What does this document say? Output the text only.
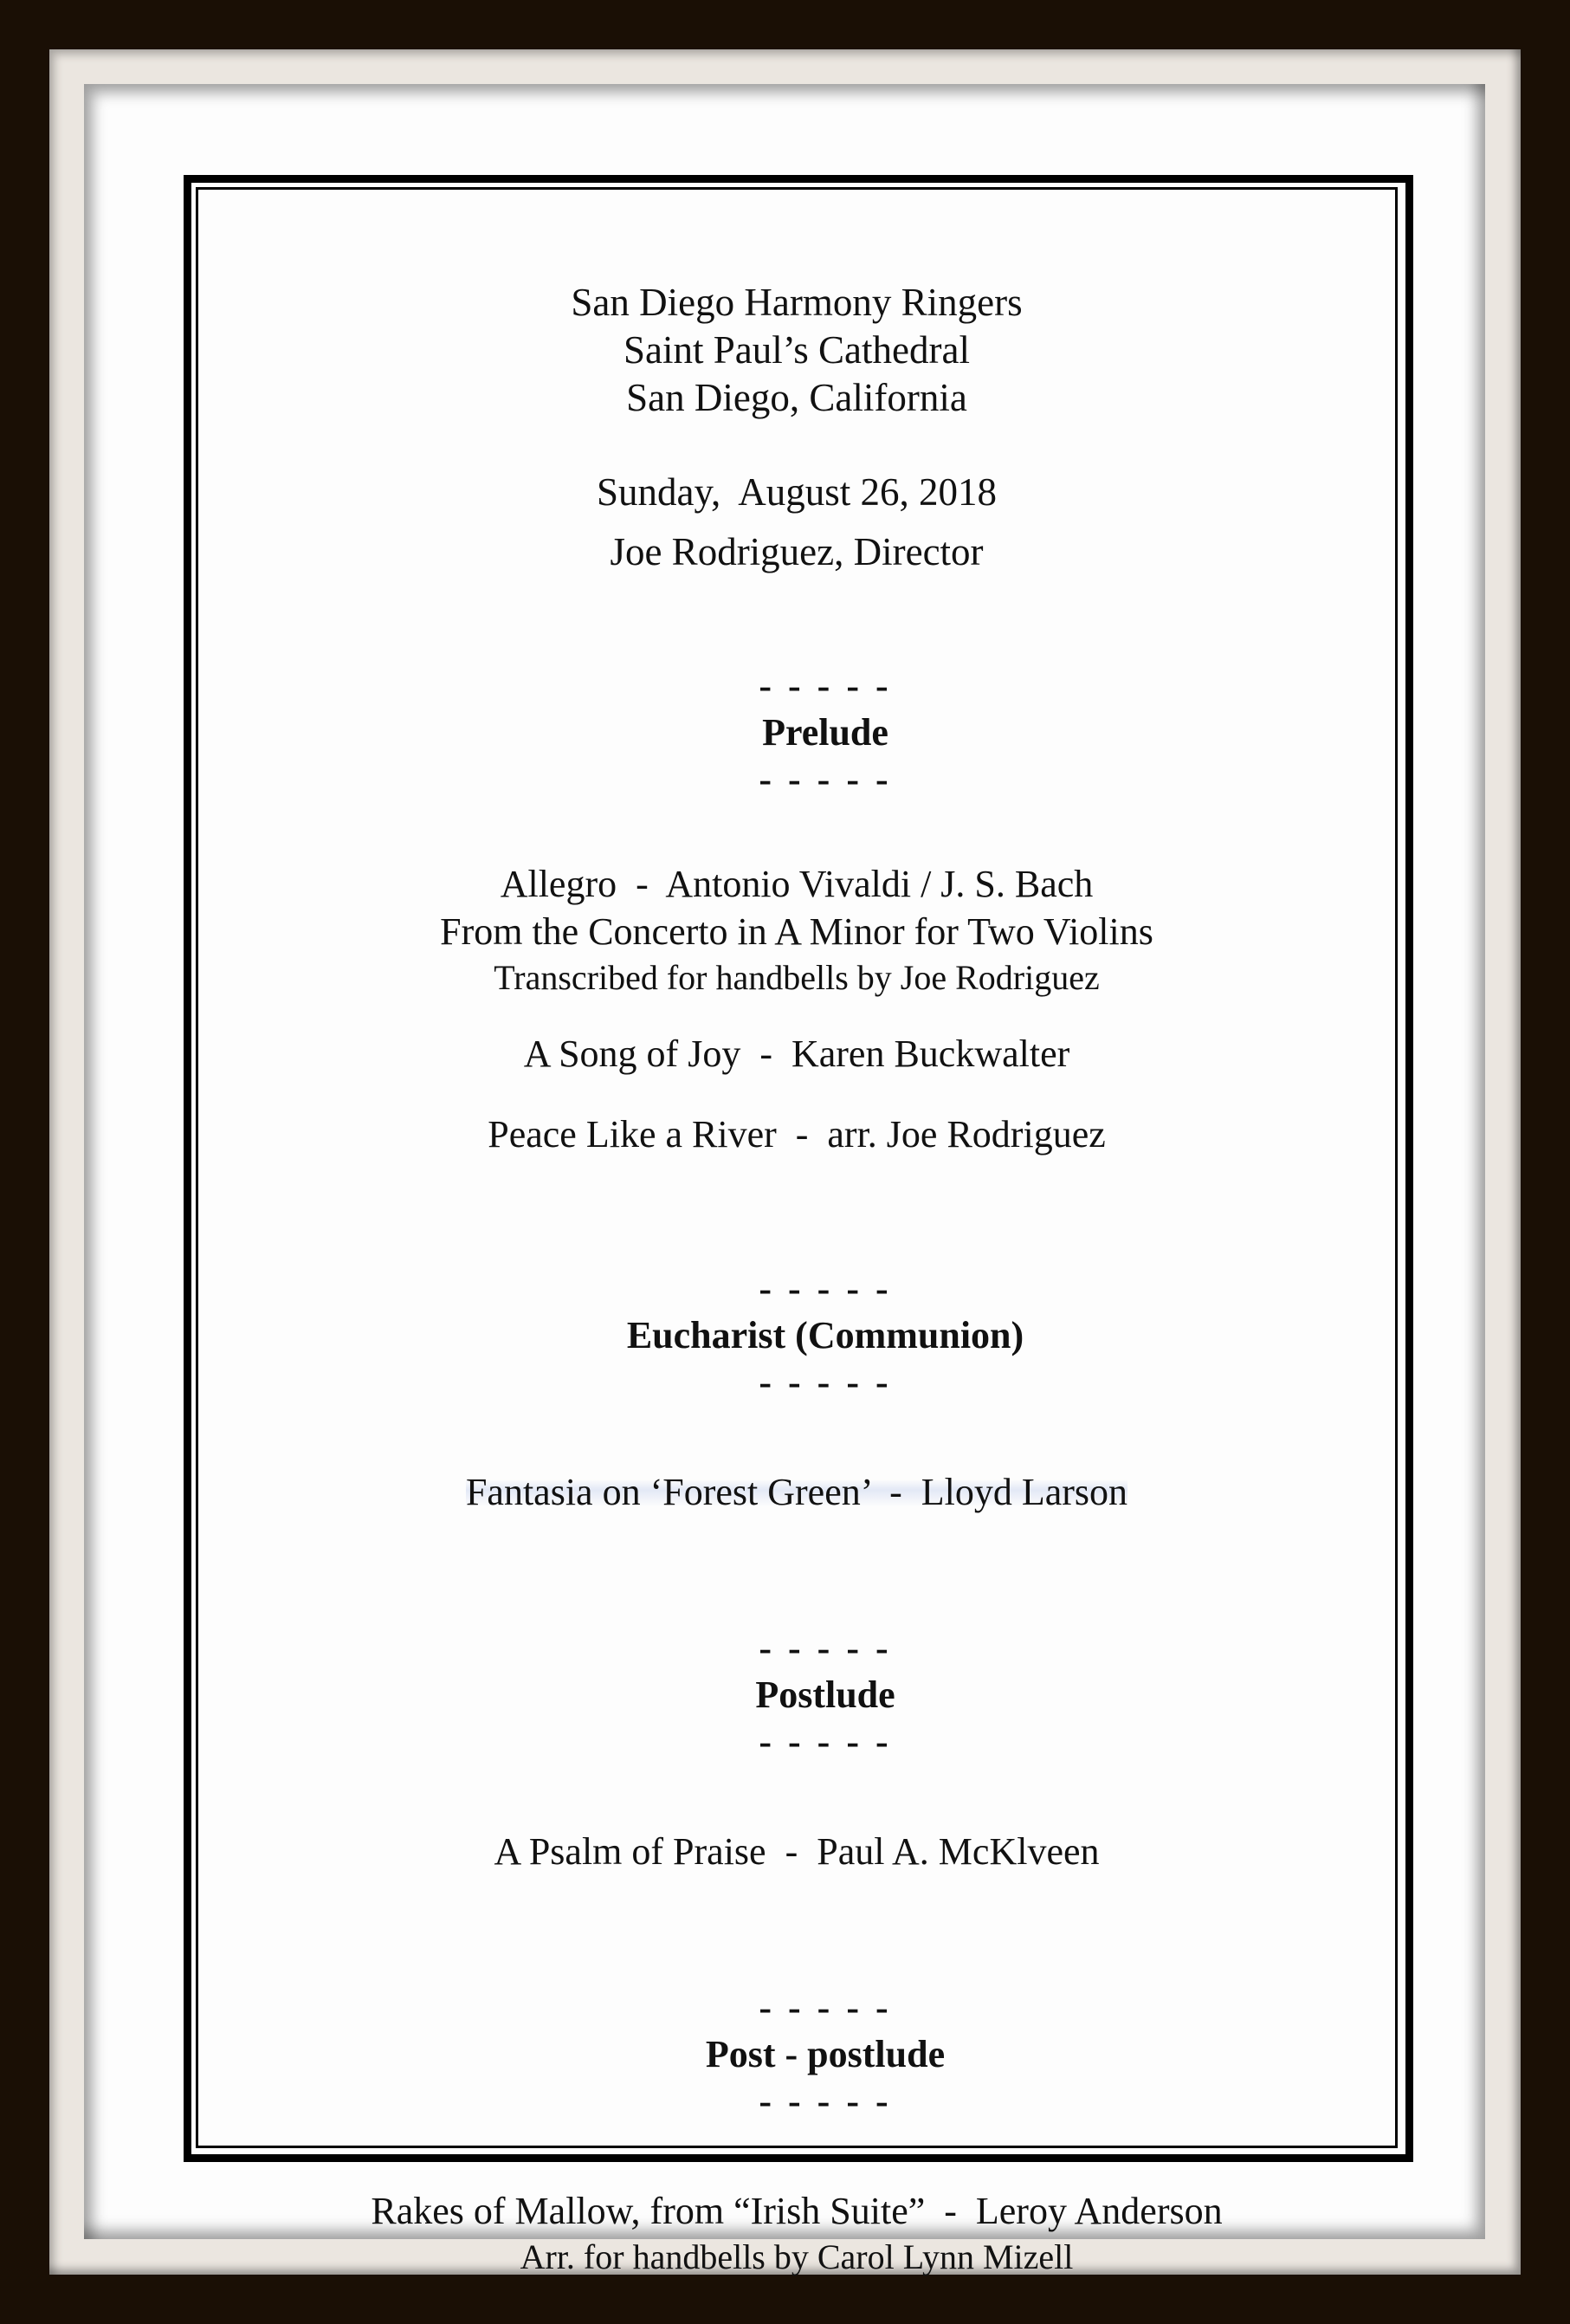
San Diego Harmony Ringers
Saint Paul’s Cathedral
San Diego, California
Sunday,  August 26, 2018
Joe Rodriguez, Director

- - - - -
Prelude
- - - - -

Allegro  -  Antonio Vivaldi / J. S. Bach
From the Concerto in A Minor for Two Violins
Transcribed for handbells by Joe Rodriguez
A Song of Joy  -  Karen Buckwalter
Peace Like a River  -  arr. Joe Rodriguez

- - - - -
Eucharist (Communion)
- - - - -

Fantasia on ‘Forest Green’  -  Lloyd Larson

- - - - -
Postlude
- - - - -

A Psalm of Praise  -  Paul A. McKlveen

- - - - -
Post - postlude
- - - - -

Rakes of Mallow, from “Irish Suite”  -  Leroy Anderson
Arr. for handbells by Carol Lynn Mizell
